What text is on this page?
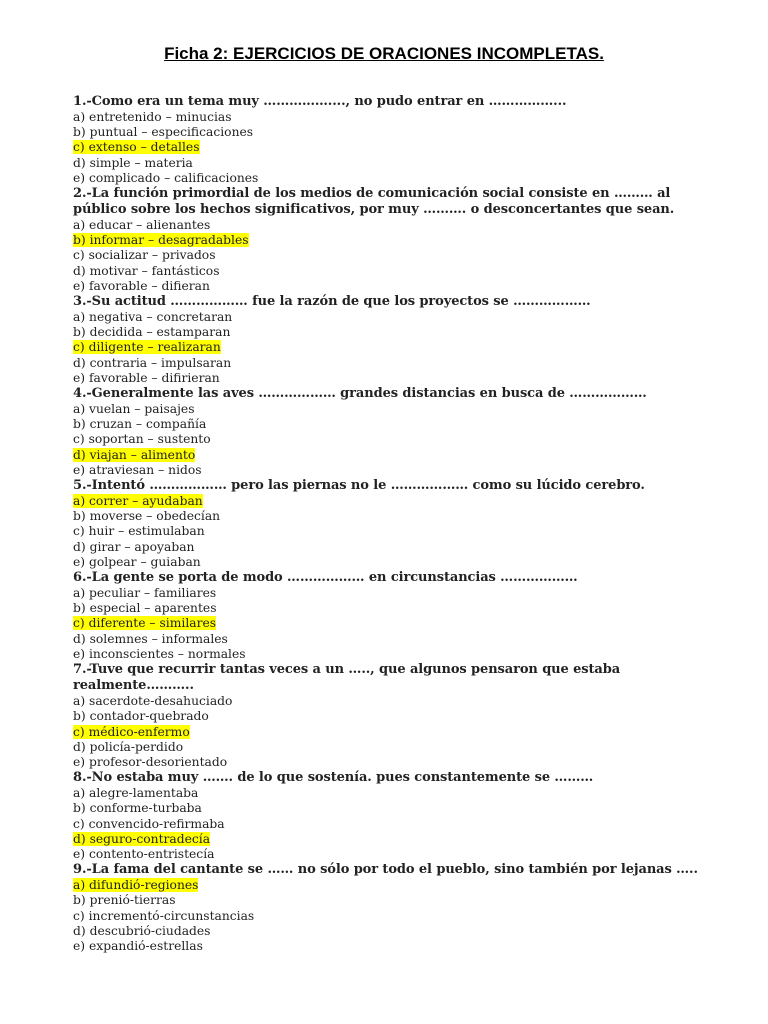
Ficha 2: EJERCICIOS DE ORACIONES INCOMPLETAS.

1.-Como era un tema muy ……………...., no pudo entrar en ……………...

a) entretenido – minucias
b) puntual – especificaciones
c) extenso – detalles
d) simple – materia
e) complicado – calificaciones

2.-La función primordial de los medios de comunicación social consiste en ……… al público sobre los hechos significativos, por muy ………. o desconcertantes que sean.

a) educar – alienantes
b) informar – desagradables
c) socializar – privados
d) motivar – fantásticos
e) favorable – difieran

3.-Su actitud ……………… fue la razón de que los proyectos se ………………

a) negativa – concretaran
b) decidida – estamparan
c) diligente – realizaran
d) contraria – impulsaran
e) favorable – difirieran

4.-Generalmente las aves ……………… grandes distancias en busca de ………………

a) vuelan – paisajes
b) cruzan – compañía
c) soportan – sustento
d) viajan – alimento
e) atraviesan – nidos

5.-Intentó ……………… pero las piernas no le ……………… como su lúcido cerebro.

a) correr – ayudaban
b) moverse – obedecían
c) huir – estimulaban
d) girar – apoyaban
e) golpear – guiaban

6.-La gente se porta de modo ……………… en circunstancias ………………

a) peculiar – familiares
b) especial – aparentes
c) diferente – similares
d) solemnes – informales
e) inconscientes – normales

7.-Tuve que recurrir tantas veces a un ….., que algunos pensaron que estaba realmente………..

a) sacerdote-desahuciado
b) contador-quebrado
c) médico-enfermo
d) policía-perdido
e) profesor-desorientado

8.-No estaba muy ……. de lo que sostenía. pues constantemente se ………

a) alegre-lamentaba
b) conforme-turbaba
c) convencido-refirmaba
d) seguro-contradecía
e) contento-entristecía

9.-La fama del cantante se …… no sólo por todo el pueblo, sino también por lejanas …..

a) difundió-regiones
b) prenió-tierras
c) incrementó-circunstancias
d) descubrió-ciudades
e) expandió-estrellas
